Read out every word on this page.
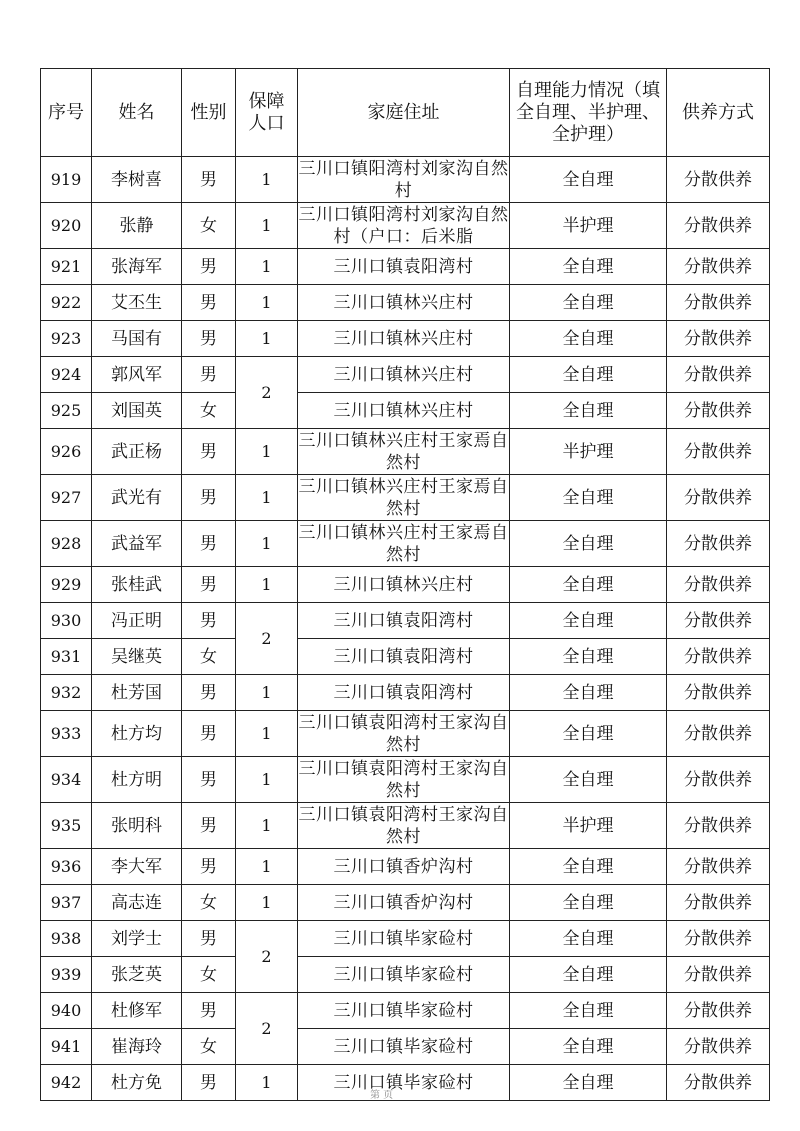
序号	姓名	性别	保障人口	家庭住址	自理能力情况（填全自理、半护理、全护理）	供养方式
919	李树喜	男	1	三川口镇阳湾村刘家沟自然村	全自理	分散供养
920	张静	女	1	三川口镇阳湾村刘家沟自然村（户口：后米脂	半护理	分散供养
921	张海军	男	1	三川口镇袁阳湾村	全自理	分散供养
922	艾丕生	男	1	三川口镇林兴庄村	全自理	分散供养
923	马国有	男	1	三川口镇林兴庄村	全自理	分散供养
924	郭风军	男	2	三川口镇林兴庄村	全自理	分散供养
925	刘国英	女		三川口镇林兴庄村	全自理	分散供养
926	武正杨	男	1	三川口镇林兴庄村王家焉自然村	半护理	分散供养
927	武光有	男	1	三川口镇林兴庄村王家焉自然村	全自理	分散供养
928	武益军	男	1	三川口镇林兴庄村王家焉自然村	全自理	分散供养
929	张桂武	男	1	三川口镇林兴庄村	全自理	分散供养
930	冯正明	男	2	三川口镇袁阳湾村	全自理	分散供养
931	吴继英	女		三川口镇袁阳湾村	全自理	分散供养
932	杜芳国	男	1	三川口镇袁阳湾村	全自理	分散供养
933	杜方均	男	1	三川口镇袁阳湾村王家沟自然村	全自理	分散供养
934	杜方明	男	1	三川口镇袁阳湾村王家沟自然村	全自理	分散供养
935	张明科	男	1	三川口镇袁阳湾村王家沟自然村	半护理	分散供养
936	李大军	男	1	三川口镇香炉沟村	全自理	分散供养
937	高志连	女	1	三川口镇香炉沟村	全自理	分散供养
938	刘学士	男	2	三川口镇毕家硷村	全自理	分散供养
939	张芝英	女		三川口镇毕家硷村	全自理	分散供养
940	杜修军	男	2	三川口镇毕家硷村	全自理	分散供养
941	崔海玲	女		三川口镇毕家硷村	全自理	分散供养
942	杜方免	男	1	三川口镇毕家硷村	全自理	分散供养
第 页
